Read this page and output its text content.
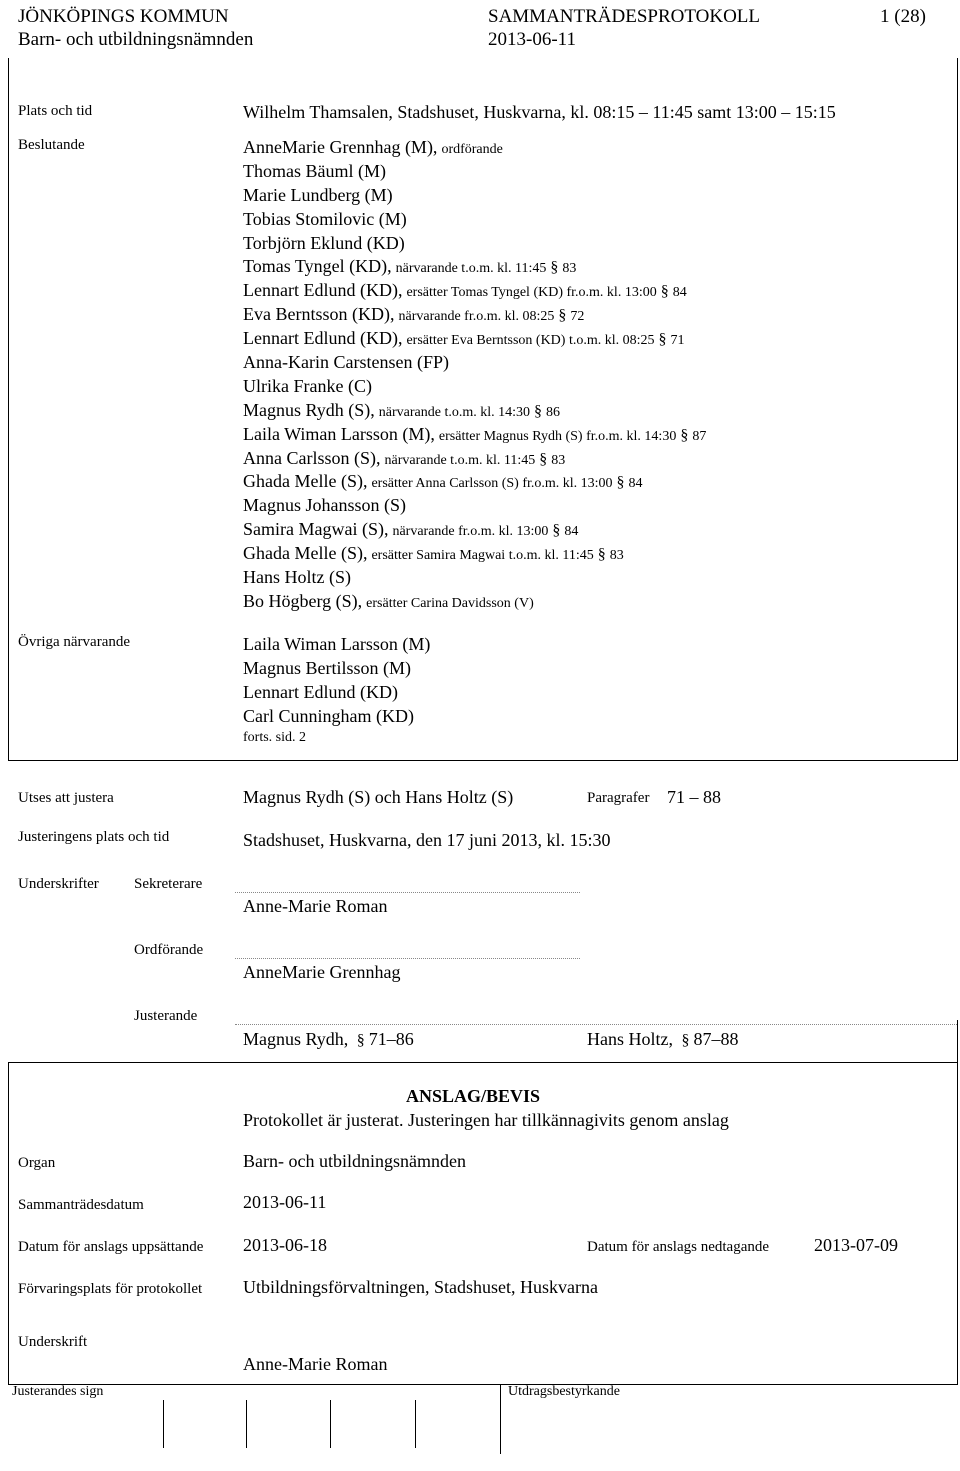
JÖNKÖPINGS KOMMUN
Barn- och utbildningsnämnden
SAMMANTRÄDESPROTOKOLL
2013-06-11
1 (28)
Plats och tid	Wilhelm Thamsalen, Stadshuset, Huskvarna, kl. 08:15 – 11:45 samt 13:00 – 15:15
Beslutande	AnneMarie Grennhag (M), ordförande
Thomas Bäuml (M)
Marie Lundberg (M)
Tobias Stomilovic (M)
Torbjörn Eklund (KD)
Tomas Tyngel (KD), närvarande t.o.m. kl. 11:45 § 83
Lennart Edlund (KD), ersätter Tomas Tyngel (KD) fr.o.m. kl. 13:00 § 84
Eva Berntsson (KD), närvarande fr.o.m. kl. 08:25 § 72
Lennart Edlund (KD), ersätter Eva Berntsson (KD) t.o.m. kl. 08:25 § 71
Anna-Karin Carstensen (FP)
Ulrika Franke (C)
Magnus Rydh (S), närvarande t.o.m. kl. 14:30 § 86
Laila Wiman Larsson (M), ersätter Magnus Rydh (S) fr.o.m. kl. 14:30 § 87
Anna Carlsson (S), närvarande t.o.m. kl. 11:45 § 83
Ghada Melle (S), ersätter Anna Carlsson (S) fr.o.m. kl. 13:00 § 84
Magnus Johansson (S)
Samira Magwai (S), närvarande fr.o.m. kl. 13:00 § 84
Ghada Melle (S), ersätter Samira Magwai t.o.m. kl. 11:45 § 83
Hans Holtz (S)
Bo Högberg (S), ersätter Carina Davidsson (V)
Övriga närvarande	Laila Wiman Larsson (M)
Magnus Bertilsson (M)
Lennart Edlund (KD)
Carl Cunningham (KD)
forts. sid. 2
Utses att justera	Magnus Rydh (S) och Hans Holtz (S)	Paragrafer 71 – 88
Justeringens plats och tid	Stadshuset, Huskvarna, den 17 juni 2013, kl. 15:30
Underskrifter Sekreterare
Anne-Marie Roman
Ordförande
AnneMarie Grennhag
Justerande
Magnus Rydh, § 71–86	Hans Holtz, § 87–88
ANSLAG/BEVIS
Protokollet är justerat. Justeringen har tillkännagivits genom anslag
Organ	Barn- och utbildningsnämnden
Sammanträdesdatum	2013-06-11
Datum för anslags uppsättande 2013-06-18	Datum för anslags nedtagande 2013-07-09
Förvaringsplats för protokollet Utbildningsförvaltningen, Stadshuset, Huskvarna
Underskrift
Anne-Marie Roman
Justerandes sign	Utdragsbestyrkande
